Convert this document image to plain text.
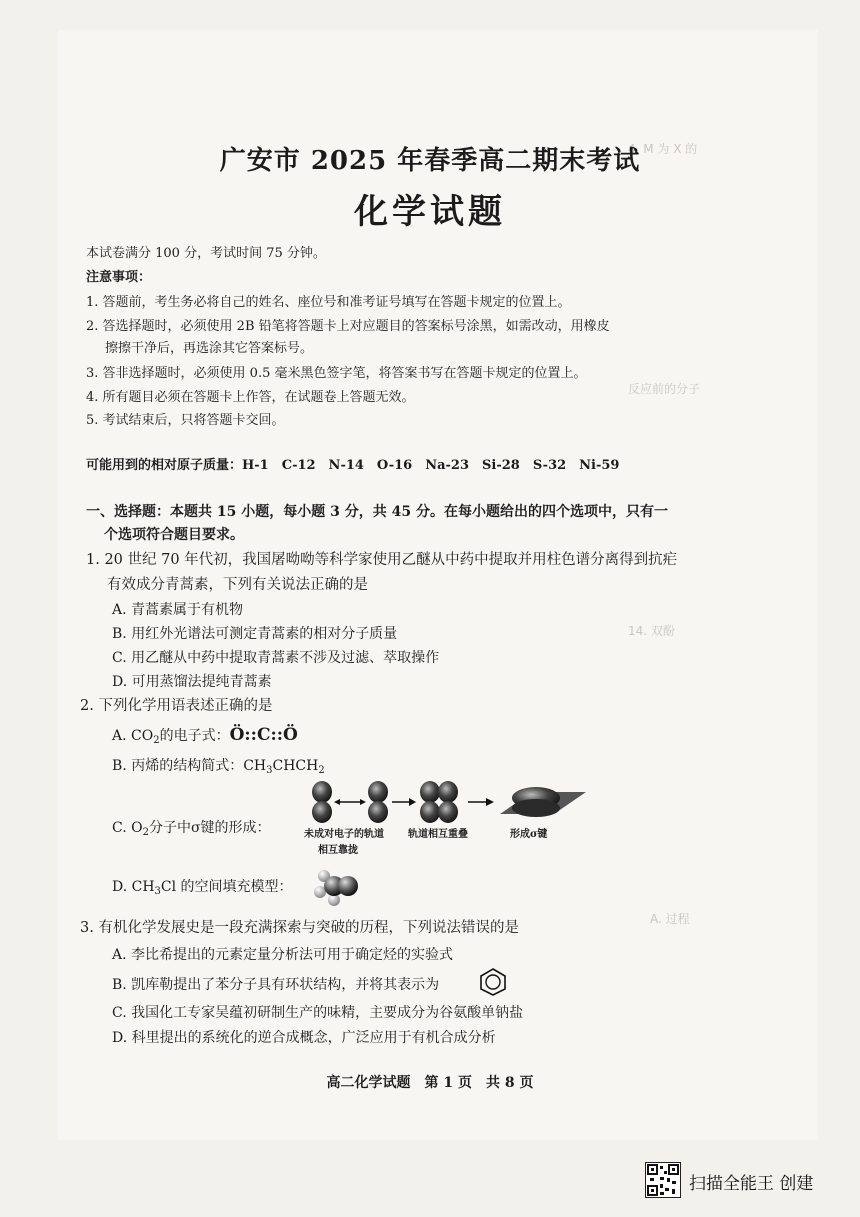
4. M 为 X 的
反应前的分子
14. 双酚
A. 过程
广安市 2025 年春季高二期末考试
化学试题
本试卷满分 100 分，考试时间 75 分钟。
注意事项：
1. 答题前，考生务必将自己的姓名、座位号和准考证号填写在答题卡规定的位置上。
2. 答选择题时，必须使用 2B 铅笔将答题卡上对应题目的答案标号涂黑，如需改动，用橡皮
擦擦干净后，再选涂其它答案标号。
3. 答非选择题时，必须使用 0.5 毫米黑色签字笔，将答案书写在答题卡规定的位置上。
4. 所有题目必须在答题卡上作答，在试题卷上答题无效。
5. 考试结束后，只将答题卡交回。
可能用到的相对原子质量：H-1　C-12　N-14　O-16　Na-23　Si-28　S-32　Ni-59
一、选择题：本题共 15 小题，每小题 3 分，共 45 分。在每小题给出的四个选项中，只有一
个选项符合题目要求。
1. 20 世纪 70 年代初，我国屠呦呦等科学家使用乙醚从中药中提取并用柱色谱分离得到抗疟
有效成分青蒿素，下列有关说法正确的是
A. 青蒿素属于有机物
B. 用红外光谱法可测定青蒿素的相对分子质量
C. 用乙醚从中药中提取青蒿素不涉及过滤、萃取操作
D. 可用蒸馏法提纯青蒿素
2. 下列化学用语表述正确的是
A. $CO_2$的电子式：Ö::C::Ö
B. 丙烯的结构简式：$CH_3CHCH_2$
C. $O_2$分子中σ键的形成：	未成对电子的轨道
相互靠拢
轨道相互重叠	形成σ键
D. $CH_3Cl$ 的空间填充模型：
3. 有机化学发展史是一段充满探索与突破的历程，下列说法错误的是
A. 李比希提出的元素定量分析法可用于确定烃的实验式
B. 凯库勒提出了苯分子具有环状结构，并将其表示为
C. 我国化工专家吴蕴初研制生产的味精，主要成分为谷氨酸单钠盐
D. 科里提出的系统化的逆合成概念，广泛应用于有机合成分析
高二化学试题　第 1 页　共 8 页
扫描全能王 创建
